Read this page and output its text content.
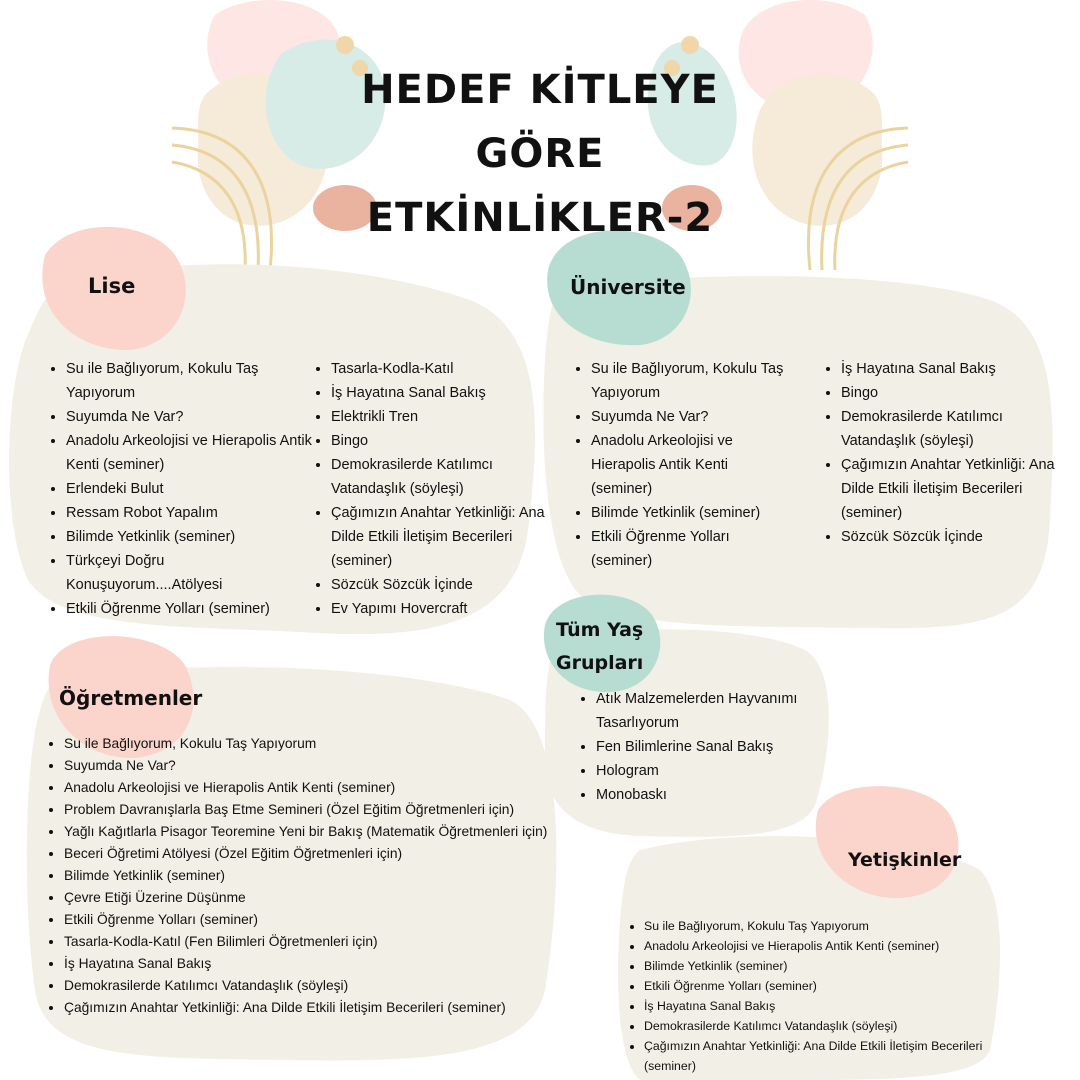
HEDEF KİTLEYE GÖRE
ETKİNLİKLER-2
Lise
• Su ile Bağlıyorum, Kokulu Taş Yapıyorum
• Suyumda Ne Var?
• Anadolu Arkeolojisi ve Hierapolis Antik Kenti (seminer)
• Erlendeki Bulut
• Ressam Robot Yapalım
• Bilimde Yetkinlik (seminer)
• Türkçeyi Doğru Konuşuyorum....Atölyesi
• Etkili Öğrenme Yolları (seminer)
• Tasarla-Kodla-Katıl
• İş Hayatına Sanal Bakış
• Elektrikli Tren
• Bingo
• Demokrasilerde Katılımcı Vatandaşlık (söyleşi)
• Çağımızın Anahtar Yetkinliği: Ana Dilde Etkili İletişim Becerileri (seminer)
• Sözcük Sözcük İçinde
• Ev Yapımı Hovercraft
Üniversite
• Su ile Bağlıyorum, Kokulu Taş Yapıyorum
• Suyumda Ne Var?
• Anadolu Arkeolojisi ve Hierapolis Antik Kenti (seminer)
• Bilimde Yetkinlik (seminer)
• Etkili Öğrenme Yolları (seminer)
• İş Hayatına Sanal Bakış
• Bingo
• Demokrasilerde Katılımcı Vatandaşlık (söyleşi)
• Çağımızın Anahtar Yetkinliği: Ana Dilde Etkili İletişim Becerileri (seminer)
• Sözcük Sözcük İçinde
Öğretmenler
• Su ile Bağlıyorum, Kokulu Taş Yapıyorum
• Suyumda Ne Var?
• Anadolu Arkeolojisi ve Hierapolis Antik Kenti (seminer)
• Problem Davranışlarla Baş Etme Semineri (Özel Eğitim Öğretmenleri için)
• Yağlı Kağıtlarla Pisagor Teoremine Yeni bir Bakış (Matematik Öğretmenleri için)
• Beceri Öğretimi Atölyesi (Özel Eğitim Öğretmenleri için)
• Bilimde Yetkinlik (seminer)
• Çevre Etiği Üzerine Düşünme
• Etkili Öğrenme Yolları (seminer)
• Tasarla-Kodla-Katıl (Fen Bilimleri Öğretmenleri için)
• İş Hayatına Sanal Bakış
• Demokrasilerde Katılımcı Vatandaşlık (söyleşi)
• Çağımızın Anahtar Yetkinliği: Ana Dilde Etkili İletişim Becerileri (seminer)
Tüm Yaş
Grupları
• Atık Malzemelerden Hayvanımı Tasarlıyorum
• Fen Bilimlerine Sanal Bakış
• Hologram
• Monobaskı
Yetişkinler
• Su ile Bağlıyorum, Kokulu Taş Yapıyorum
• Anadolu Arkeolojisi ve Hierapolis Antik Kenti (seminer)
• Bilimde Yetkinlik (seminer)
• Etkili Öğrenme Yolları (seminer)
• İş Hayatına Sanal Bakış
• Demokrasilerde Katılımcı Vatandaşlık (söyleşi)
• Çağımızın Anahtar Yetkinliği: Ana Dilde Etkili İletişim Becerileri (seminer)
